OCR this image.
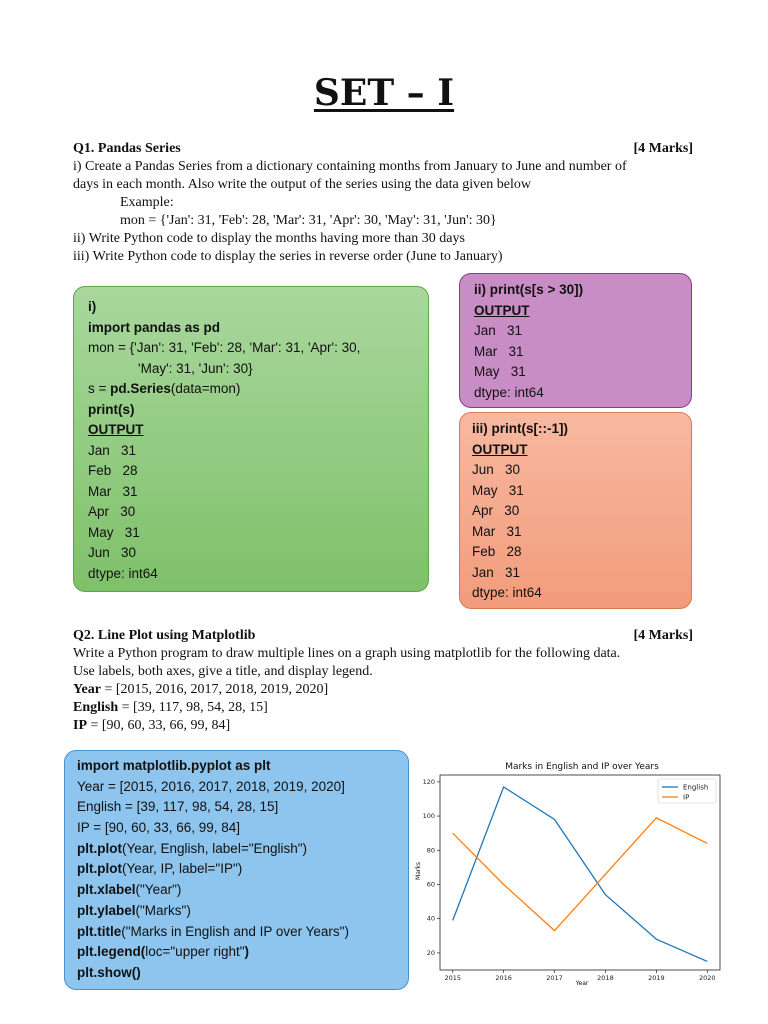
SET – I
Q1. Pandas Series	[4 Marks]
i) Create a Pandas Series from a dictionary containing months from January to June and number of
days in each month. Also write the output of the series using the data given below
Example:
mon = {'Jan': 31, 'Feb': 28, 'Mar': 31, 'Apr': 30, 'May': 31, 'Jun': 30}
ii) Write Python code to display the months having more than 30 days
iii) Write Python code to display the series in reverse order (June to January)
i)
import pandas as pd
mon = {'Jan': 31, 'Feb': 28, 'Mar': 31, 'Apr': 30,
'May': 31, 'Jun': 30}
s = pd.Series(data=mon)
print(s)
OUTPUT
Jan   31
Feb   28
Mar   31
Apr   30
May   31
Jun   30
dtype: int64
ii) print(s[s > 30])
OUTPUT
Jan   31
Mar   31
May   31
dtype: int64
iii) print(s[::-1])
OUTPUT
Jun   30
May   31
Apr   30
Mar   31
Feb   28
Jan   31
dtype: int64
Q2. Line Plot using Matplotlib	[4 Marks]
Write a Python program to draw multiple lines on a graph using matplotlib for the following data.
Use labels, both axes, give a title, and display legend.
Year = [2015, 2016, 2017, 2018, 2019, 2020]
English = [39, 117, 98, 54, 28, 15]
IP = [90, 60, 33, 66, 99, 84]
import matplotlib.pyplot as plt
Year = [2015, 2016, 2017, 2018, 2019, 2020]
English = [39, 117, 98, 54, 28, 15]
IP = [90, 60, 33, 66, 99, 84]
plt.plot(Year, English, label="English")
plt.plot(Year, IP, label="IP")
plt.xlabel("Year")
plt.ylabel("Marks")
plt.title("Marks in English and IP over Years")
plt.legend(loc="upper right")
plt.show()
Marks in English and IP over Years
Year
Marks
20
40
60
80
100
120
2015	2016	2017	2018	2019	2020
English
IP
